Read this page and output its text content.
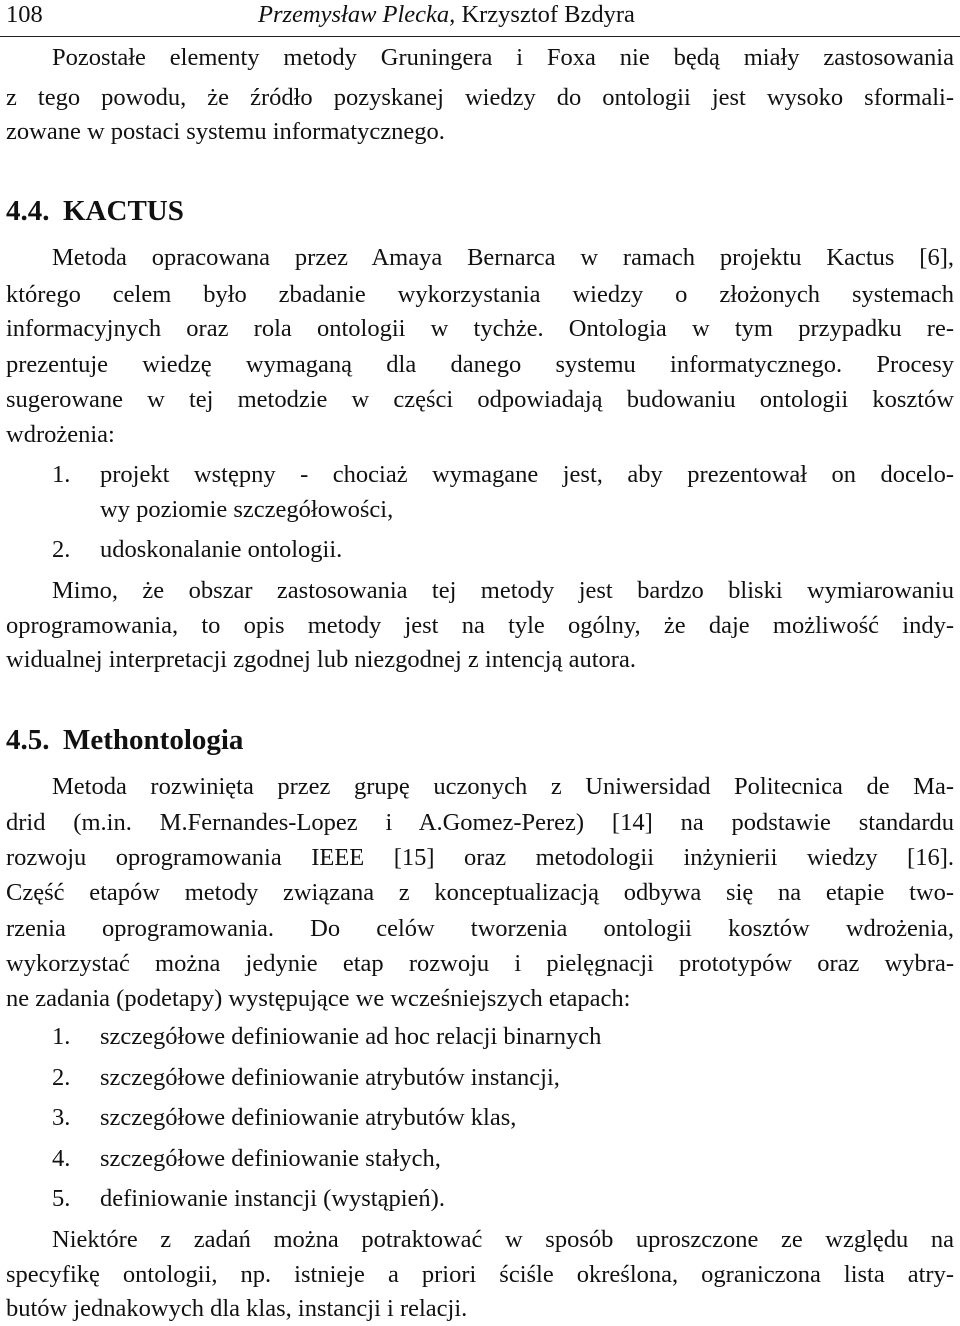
108	Przemysław Plecka, Krzysztof Bzdyra
Pozostałe elementy metody Gruningera i Foxa nie będą miały zastosowania
z tego powodu, że źródło pozyskanej wiedzy do ontologii jest wysoko sformali-
zowane w postaci systemu informatycznego.
4.4. KACTUS
Metoda opracowana przez Amaya Bernarca w ramach projektu Kactus [6],
którego celem było zbadanie wykorzystania wiedzy o złożonych systemach
informacyjnych oraz rola ontologii w tychże. Ontologia w tym przypadku re-
prezentuje wiedzę wymaganą dla danego systemu informatycznego. Procesy
sugerowane w tej metodzie w części odpowiadają budowaniu ontologii kosztów
wdrożenia:
1. projekt wstępny - chociaż wymagane jest, aby prezentował on docelo-
wy poziomie szczegółowości,
2. udoskonalanie ontologii.
Mimo, że obszar zastosowania tej metody jest bardzo bliski wymiarowaniu
oprogramowania, to opis metody jest na tyle ogólny, że daje możliwość indy-
widualnej interpretacji zgodnej lub niezgodnej z intencją autora.
4.5. Methontologia
Metoda rozwinięta przez grupę uczonych z Uniwersidad Politecnica de Ma-
drid (m.in. M.Fernandes-Lopez i A.Gomez-Perez) [14] na podstawie standardu
rozwoju oprogramowania IEEE [15] oraz metodologii inżynierii wiedzy [16].
Część etapów metody związana z konceptualizacją odbywa się na etapie two-
rzenia oprogramowania. Do celów tworzenia ontologii kosztów wdrożenia,
wykorzystać można jedynie etap rozwoju i pielęgnacji prototypów oraz wybra-
ne zadania (podetapy) występujące we wcześniejszych etapach:
1. szczegółowe definiowanie ad hoc relacji binarnych
2. szczegółowe definiowanie atrybutów instancji,
3. szczegółowe definiowanie atrybutów klas,
4. szczegółowe definiowanie stałych,
5. definiowanie instancji (wystąpień).
Niektóre z zadań można potraktować w sposób uproszczone ze względu na
specyfikę ontologii, np. istnieje a priori ściśle określona, ograniczona lista atry-
butów jednakowych dla klas, instancji i relacji.
